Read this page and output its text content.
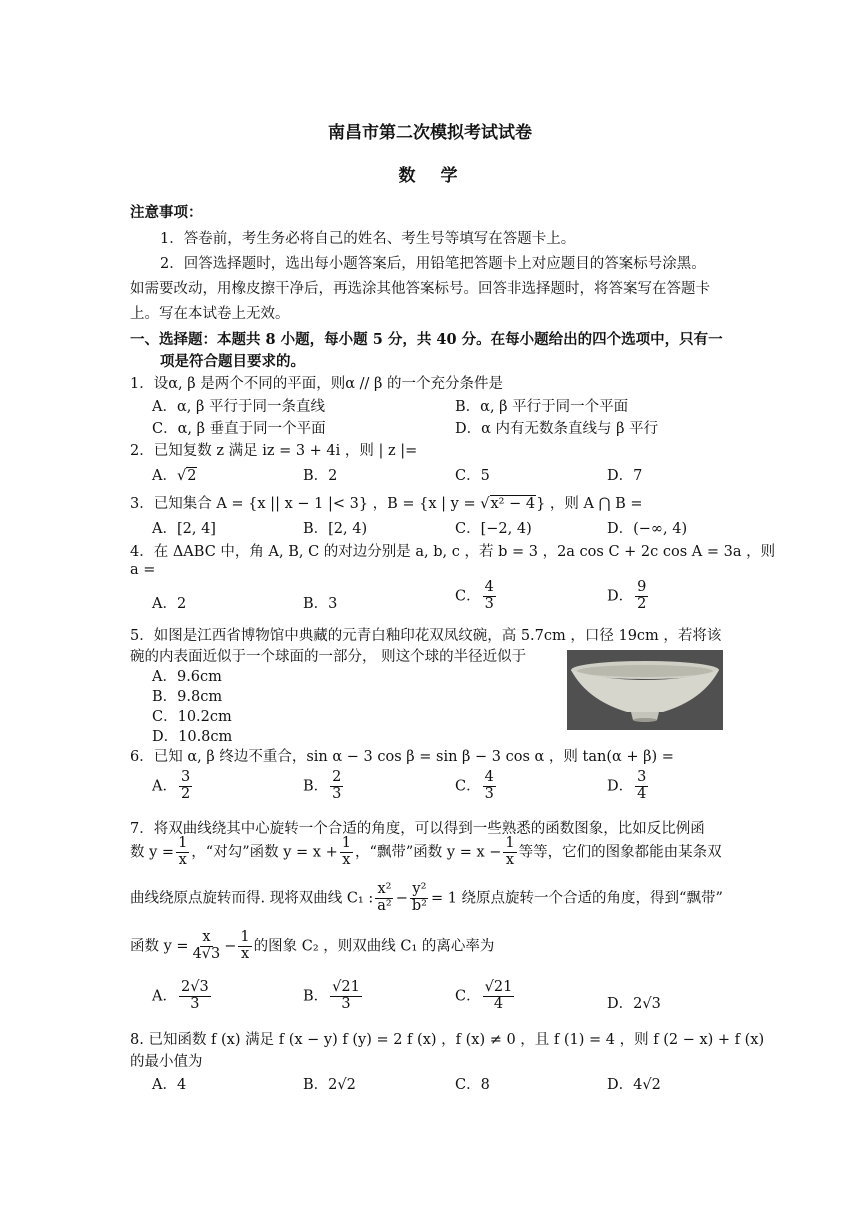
南昌市第二次模拟考试试卷
数　学
注意事项：
1．答卷前，考生务必将自己的姓名、考生号等填写在答题卡上。
2．回答选择题时，选出每小题答案后，用铅笔把答题卡上对应题目的答案标号涂黑。
如需要改动，用橡皮擦干净后，再选涂其他答案标号。回答非选择题时，将答案写在答题卡
上。写在本试卷上无效。
一、选择题：本题共 8 小题，每小题 5 分，共 40 分。在每小题给出的四个选项中，只有一
项是符合题目要求的。
1．设α, β 是两个不同的平面，则α // β 的一个充分条件是
A．α, β 平行于同一条直线	B．α, β 平行于同一个平面
C．α, β 垂直于同一个平面	D．α 内有无数条直线与 β 平行
2．已知复数 z 满足 iz = 3 + 4i ，则 | z |=
A．√2	B．2	C．5	D．7
3．已知集合 A = {x || x − 1 |< 3} ，B = {x | y = √x² − 4} ，则 A ⋂ B =
A．[2, 4]	B．[2, 4)	C．[−2, 4)	D．(−∞, 4)
4．在 ΔABC 中，角 A, B, C 的对边分别是 a, b, c ，若 b = 3 ，2a cos C + 2c cos A = 3a ，则
a =
A．2	B．3	C． $\frac{4}{3}$	D． $\frac{9}{2}$
5．如图是江西省博物馆中典藏的元青白釉印花双凤纹碗，高 5.7cm ，口径 19cm ，若将该
碗的内表面近似于一个球面的一部分， 则这个球的半径近似于
A．9.6cm
B．9.8cm
C．10.2cm
D．10.8cm
6．已知 α, β 终边不重合，sin α − 3 cos β = sin β − 3 cos α ，则 tan(α + β) =
A． $\frac{3}{2}$	B． $\frac{2}{3}$	C． $\frac{4}{3}$	D． $\frac{3}{4}$
7．将双曲线绕其中心旋转一个合适的角度，可以得到一些熟悉的函数图象，比如反比例函
数 $y = \frac{1}{x}$ ，“对勾”函数 $y = x + \frac{1}{x}$ ，“飘带”函数 $y = x - \frac{1}{x}$ 等等，它们的图象都能由某条双
曲线绕原点旋转而得. 现将双曲线 C₁ : $\frac{\text{x²}}{\text{a²}} - \frac{\text{y²}}{\text{b²}} = 1$ 绕原点旋转一个合适的角度，得到“飘带”
函数 $y = \frac{x}{4√3} - \frac{1}{x}$ 的图象 C₂ ，则双曲线 C₁ 的离心率为
A． $\frac{2√3}{3}$	B． $\frac{√21}{3}$	C． $\frac{√21}{4}$	D．2√3
8. 已知函数 f (x) 满足 f (x − y) f (y) = 2 f (x) ，f (x) ≠ 0 ，且 f (1) = 4 ，则 f (2 − x) + f (x)
的最小值为
A．4	B．2√2	C．8	D．4√2
